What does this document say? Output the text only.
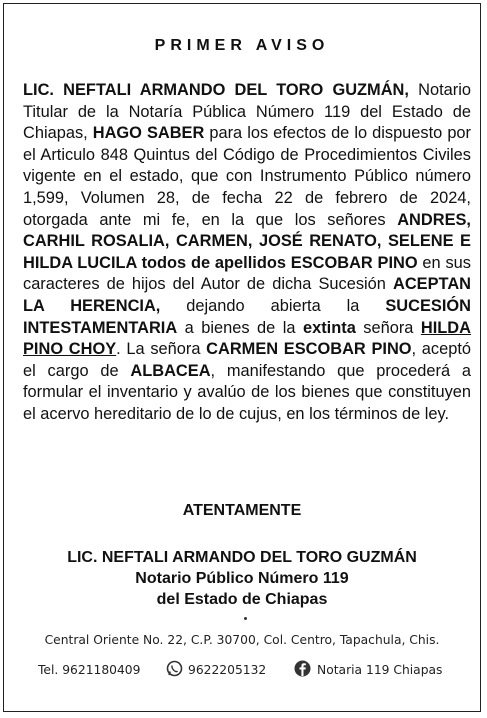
PRIMER AVISO
LIC. NEFTALI ARMANDO DEL TORO GUZMÁN, Notario Titular de la Notaría Pública Número 119 del Estado de Chiapas, HAGO SABER para los efectos de lo dispuesto por el Articulo 848 Quintus del Código de Procedimientos Civiles vigente en el estado, que con Instrumento Público número 1,599, Volumen 28, de fecha 22 de febrero de 2024, otorgada ante mi fe, en la que los señores ANDRES, CARHIL ROSALIA, CARMEN, JOSÉ RENATO, SELENE E HILDA LUCILA todos de apellidos ESCOBAR PINO en sus caracteres de hijos del Autor de dicha Sucesión ACEPTAN LA HERENCIA, dejando abierta la SUCESIÓN INTESTAMENTARIA a bienes de la extinta señora HILDA PINO CHOY. La señora CARMEN ESCOBAR PINO, aceptó el cargo de ALBACEA, manifestando que procederá a formular el inventario y avalúo de los bienes que constituyen el acervo hereditario de lo de cujus, en los términos de ley.
ATENTAMENTE
LIC. NEFTALI ARMANDO DEL TORO GUZMÁN
Notario Público Número 119
del Estado de Chiapas
Central Oriente No. 22, C.P. 30700, Col. Centro, Tapachula, Chis.
Tel. 9621180409	9622205132	Notaria 119 Chiapas
